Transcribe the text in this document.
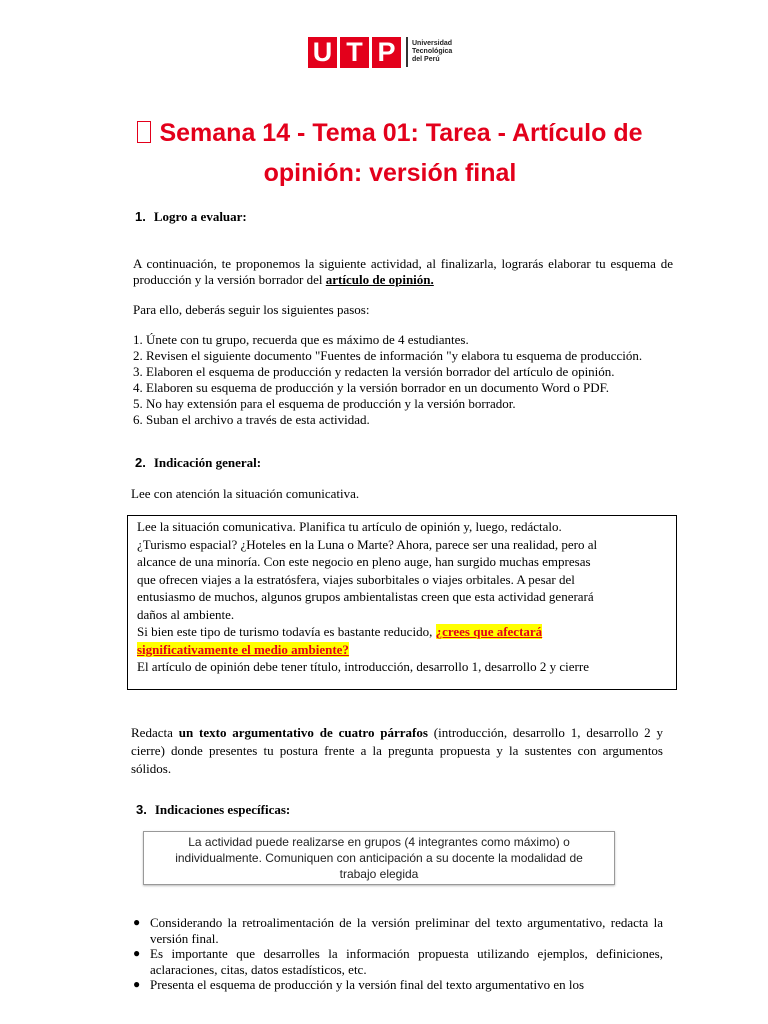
U T P	Universidad
Tecnológica
del Perú
Semana 14 - Tema 01: Tarea - Artículo de opinión: versión final
1. Logro a evaluar:
A continuación, te proponemos la siguiente actividad, al finalizarla, lograrás elaborar tu esquema de producción y la versión borrador del artículo de opinión.
Para ello, deberás seguir los siguientes pasos:
1. Únete con tu grupo, recuerda que es máximo de 4 estudiantes.
2. Revisen el siguiente documento "Fuentes de información "y elabora tu esquema de producción.
3. Elaboren el esquema de producción y redacten la versión borrador del artículo de opinión.
4. Elaboren su esquema de producción y la versión borrador en un documento Word o PDF.
5. No hay extensión para el esquema de producción y la versión borrador.
6. Suban el archivo a través de esta actividad.
2. Indicación general:
Lee con atención la situación comunicativa.

Lee la situación comunicativa. Planifica tu artículo de opinión y, luego, redáctalo.

¿Turismo espacial? ¿Hoteles en la Luna o Marte? Ahora, parece ser una realidad, pero al

alcance de una minoría. Con este negocio en pleno auge, han surgido muchas empresas

que ofrecen viajes a la estratósfera, viajes suborbitales o viajes orbitales. A pesar del

entusiasmo de muchos, algunos grupos ambientalistas creen que esta actividad generará

daños al ambiente.

Si bien este tipo de turismo todavía es bastante reducido, ¿crees que afectará

significativamente el medio ambiente?

El artículo de opinión debe tener título, introducción, desarrollo 1, desarrollo 2 y cierre

Redacta un texto argumentativo de cuatro párrafos (introducción, desarrollo 1, desarrollo 2 y cierre) donde presentes tu postura frente a la pregunta propuesta y la sustentes con argumentos sólidos.
3. Indicaciones específicas:
La actividad puede realizarse en grupos (4 integrantes como máximo) o
individualmente. Comuniquen con anticipación a su docente la modalidad de
trabajo elegida
● Considerando la retroalimentación de la versión preliminar del texto argumentativo, redacta la versión final.
● Es importante que desarrolles la información propuesta utilizando ejemplos, definiciones, aclaraciones, citas, datos estadísticos, etc.
● Presenta el esquema de producción y la versión final del texto argumentativo en los
